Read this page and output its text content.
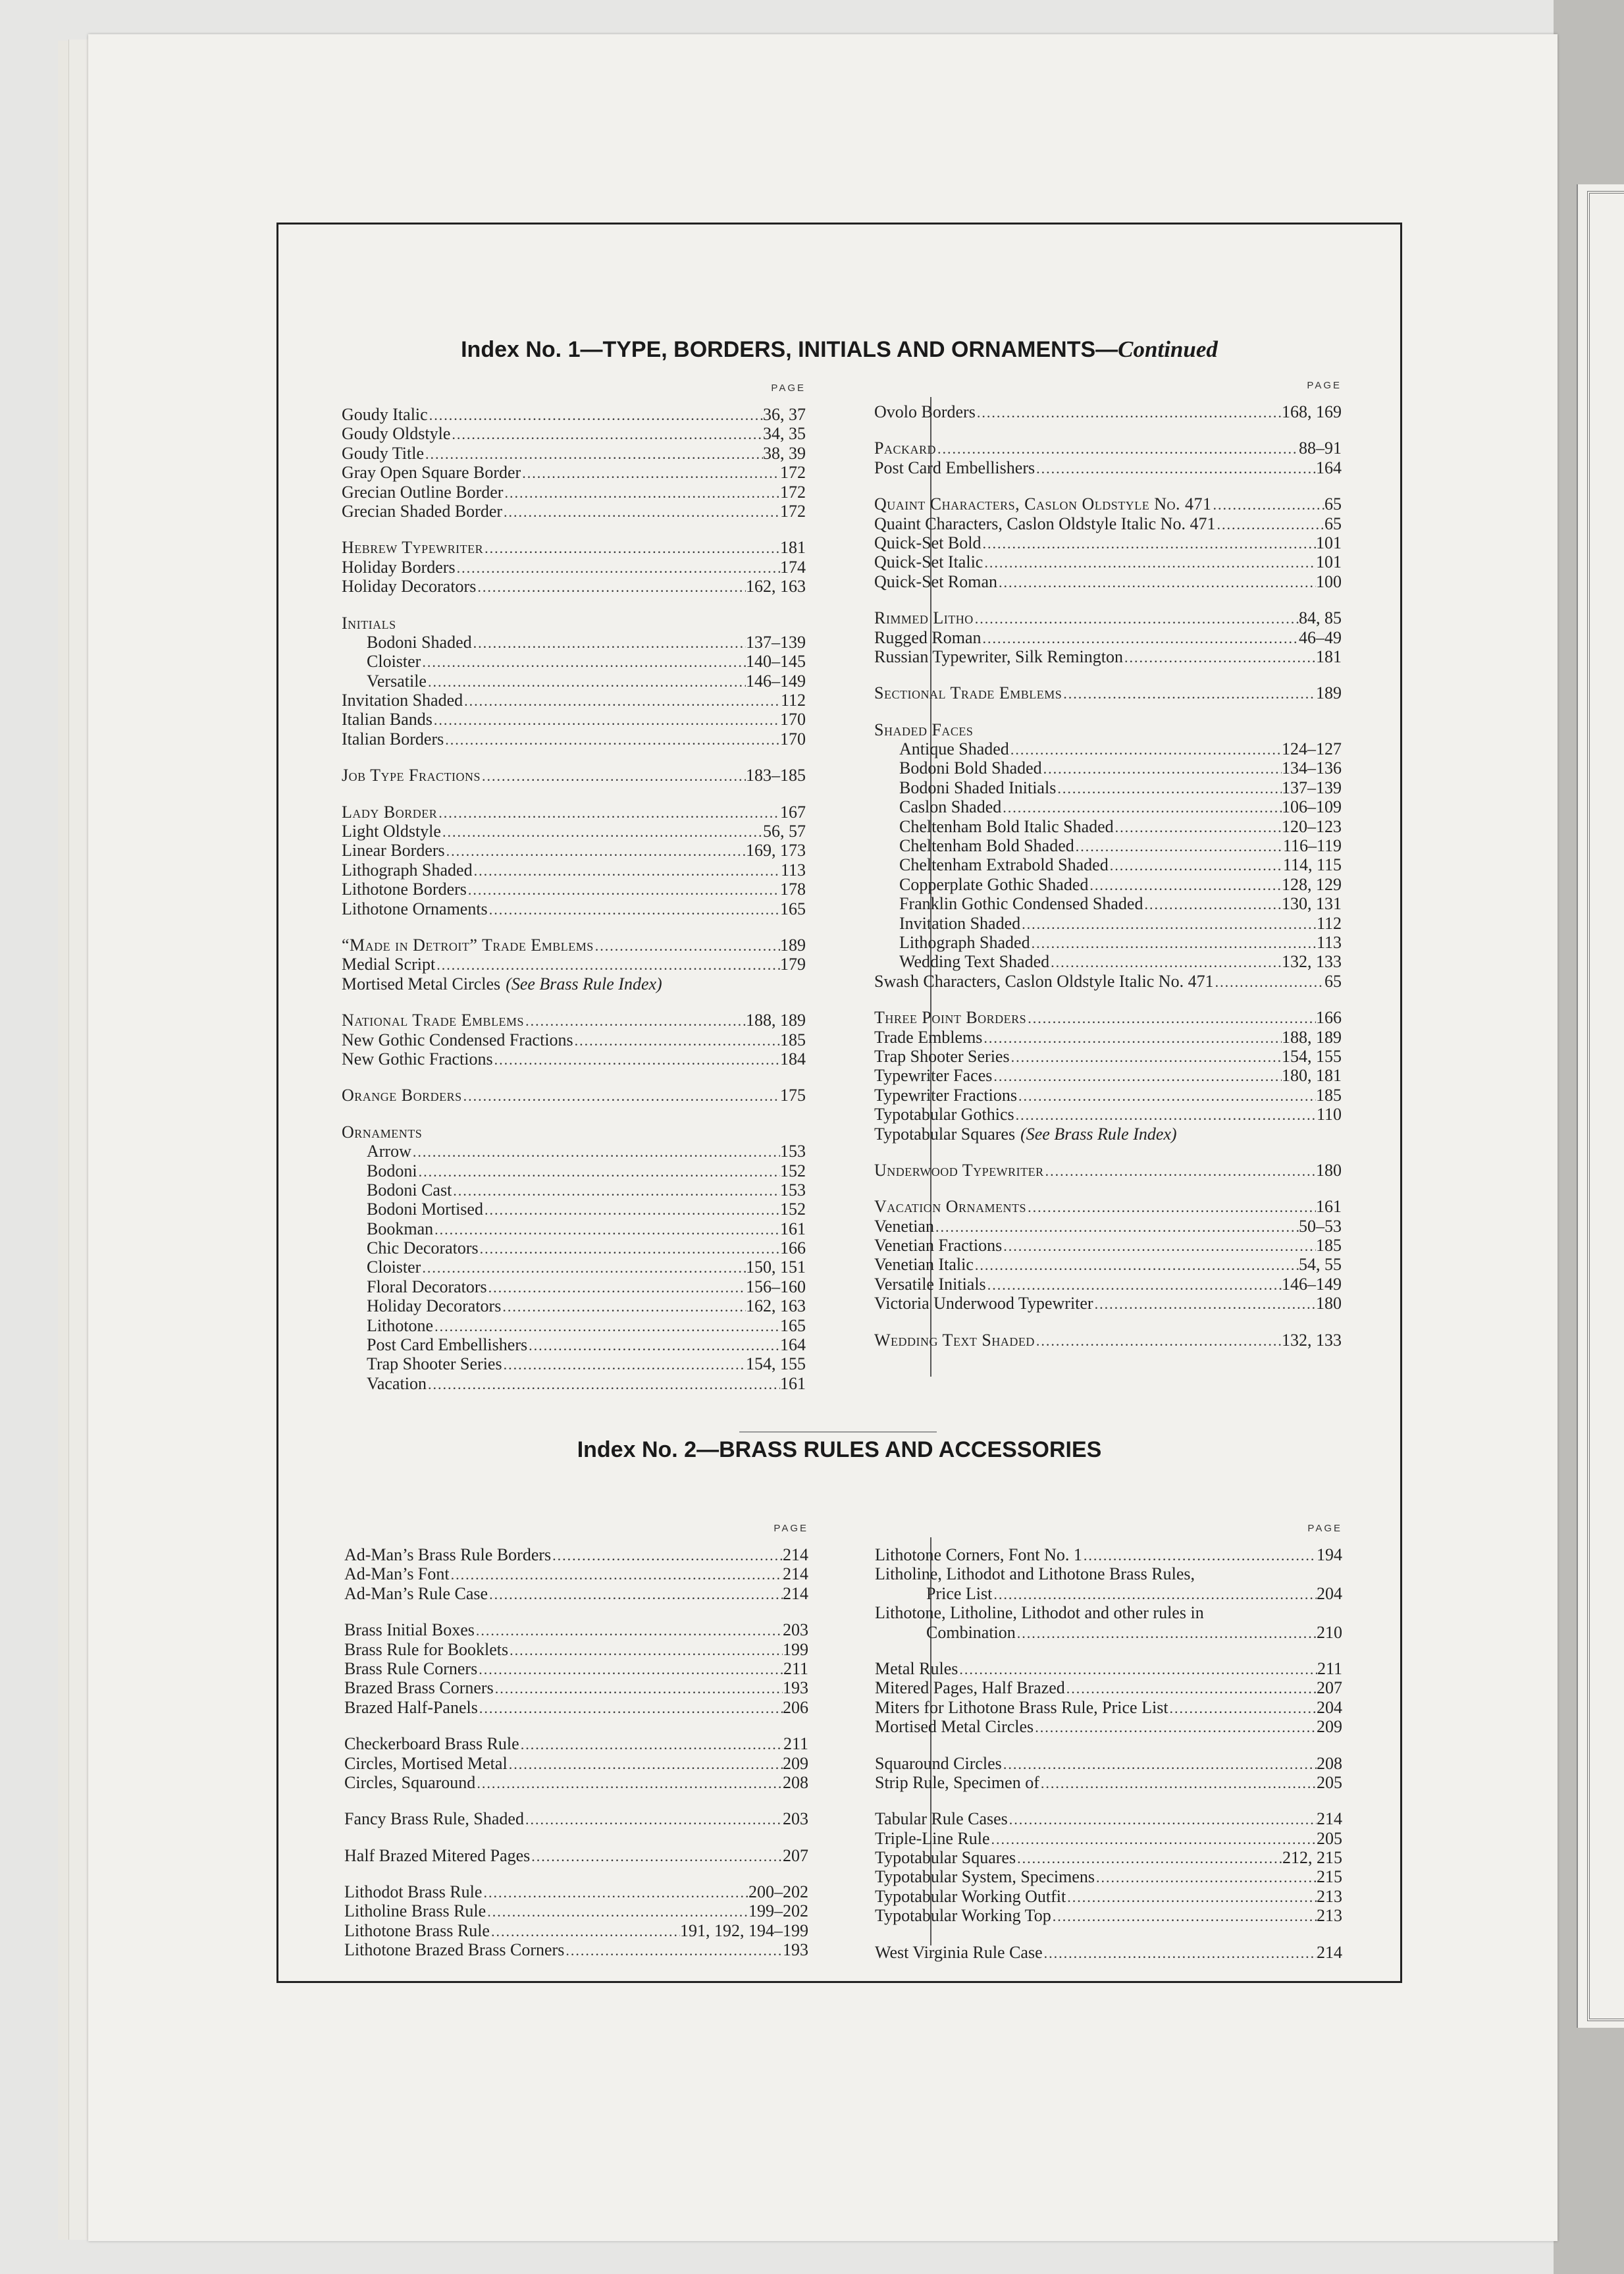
Index No. 1—TYPE, BORDERS, INITIALS AND ORNAMENTS—Continued
PAGE
Goudy Italic .....	36, 37
Goudy Oldstyle .....	34, 35
Goudy Title .....	38, 39
Gray Open Square Border .....	172
Grecian Outline Border .....	172
Grecian Shaded Border .....	172
Hebrew Typewriter .....	181
Holiday Borders .....	174
Holiday Decorators .....	162, 163
Initials
Bodoni Shaded .....	137–139
Cloister .....	140–145
Versatile .....	146–149
Invitation Shaded .....	112
Italian Bands .....	170
Italian Borders .....	170
Job Type Fractions .....	183–185
Lady Border .....	167
Light Oldstyle .....	56, 57
Linear Borders .....	169, 173
Lithograph Shaded .....	113
Lithotone Borders .....	178
Lithotone Ornaments .....	165
“Made in Detroit” Trade Emblems .....	189
Medial Script .....	179
Mortised Metal Circles (See Brass Rule Index)
National Trade Emblems .....	188, 189
New Gothic Condensed Fractions .....	185
New Gothic Fractions .....	184
Orange Borders .....	175
Ornaments
Arrow .....	153
Bodoni .....	152
Bodoni Cast .....	153
Bodoni Mortised .....	152
Bookman .....	161
Chic Decorators .....	166
Cloister .....	150, 151
Floral Decorators .....	156–160
Holiday Decorators .....	162, 163
Lithotone .....	165
Post Card Embellishers .....	164
Trap Shooter Series .....	154, 155
Vacation .....	161
PAGE
Ovolo Borders .....	168, 169
Packard .....	88–91
Post Card Embellishers .....	164
Quaint Characters, Caslon Oldstyle No. 471 .....	65
Quaint Characters, Caslon Oldstyle Italic No. 471 .....	65
Quick-Set Bold .....	101
Quick-Set Italic .....	101
Quick-Set Roman .....	100
Rimmed Litho .....	84, 85
Rugged Roman .....	46–49
Russian Typewriter, Silk Remington .....	181
Sectional Trade Emblems .....	189
Shaded Faces
Antique Shaded .....	124–127
Bodoni Bold Shaded .....	134–136
Bodoni Shaded Initials .....	137–139
Caslon Shaded .....	106–109
Cheltenham Bold Italic Shaded .....	120–123
Cheltenham Bold Shaded .....	116–119
Cheltenham Extrabold Shaded .....	114, 115
Copperplate Gothic Shaded .....	128, 129
Franklin Gothic Condensed Shaded .....	130, 131
Invitation Shaded .....	112
Lithograph Shaded .....	113
Wedding Text Shaded .....	132, 133
Swash Characters, Caslon Oldstyle Italic No. 471 .....	65
Three Point Borders .....	166
Trade Emblems .....	188, 189
Trap Shooter Series .....	154, 155
Typewriter Faces .....	180, 181
Typewriter Fractions .....	185
Typotabular Gothics .....	110
Typotabular Squares (See Brass Rule Index)
Underwood Typewriter .....	180
Vacation Ornaments .....	161
Venetian .....	50–53
Venetian Fractions .....	185
Venetian Italic .....	54, 55
Versatile Initials .....	146–149
Victoria Underwood Typewriter .....	180
Wedding Text Shaded .....	132, 133
Index No. 2—BRASS RULES AND ACCESSORIES
PAGE
Ad-Man’s Brass Rule Borders .....	214
Ad-Man’s Font .....	214
Ad-Man’s Rule Case .....	214
Brass Initial Boxes .....	203
Brass Rule for Booklets .....	199
Brass Rule Corners .....	211
Brazed Brass Corners .....	193
Brazed Half-Panels .....	206
Checkerboard Brass Rule .....	211
Circles, Mortised Metal .....	209
Circles, Squaround .....	208
Fancy Brass Rule, Shaded .....	203
Half Brazed Mitered Pages .....	207
Lithodot Brass Rule .....	200–202
Litholine Brass Rule .....	199–202
Lithotone Brass Rule .....	191, 192, 194–199
Lithotone Brazed Brass Corners .....	193
PAGE
Lithotone Corners, Font No. 1 .....	194
Litholine, Lithodot and Lithotone Brass Rules,
Price List .....	204
Lithotone, Litholine, Lithodot and other rules in
Combination .....	210
Metal Rules .....	211
Mitered Pages, Half Brazed .....	207
Miters for Lithotone Brass Rule, Price List .....	204
Mortised Metal Circles .....	209
Squaround Circles .....	208
Strip Rule, Specimen of .....	205
Tabular Rule Cases .....	214
Triple-Line Rule .....	205
Typotabular Squares .....	212, 215
Typotabular System, Specimens .....	215
Typotabular Working Outfit .....	213
Typotabular Working Top .....	213
West Virginia Rule Case .....	214
